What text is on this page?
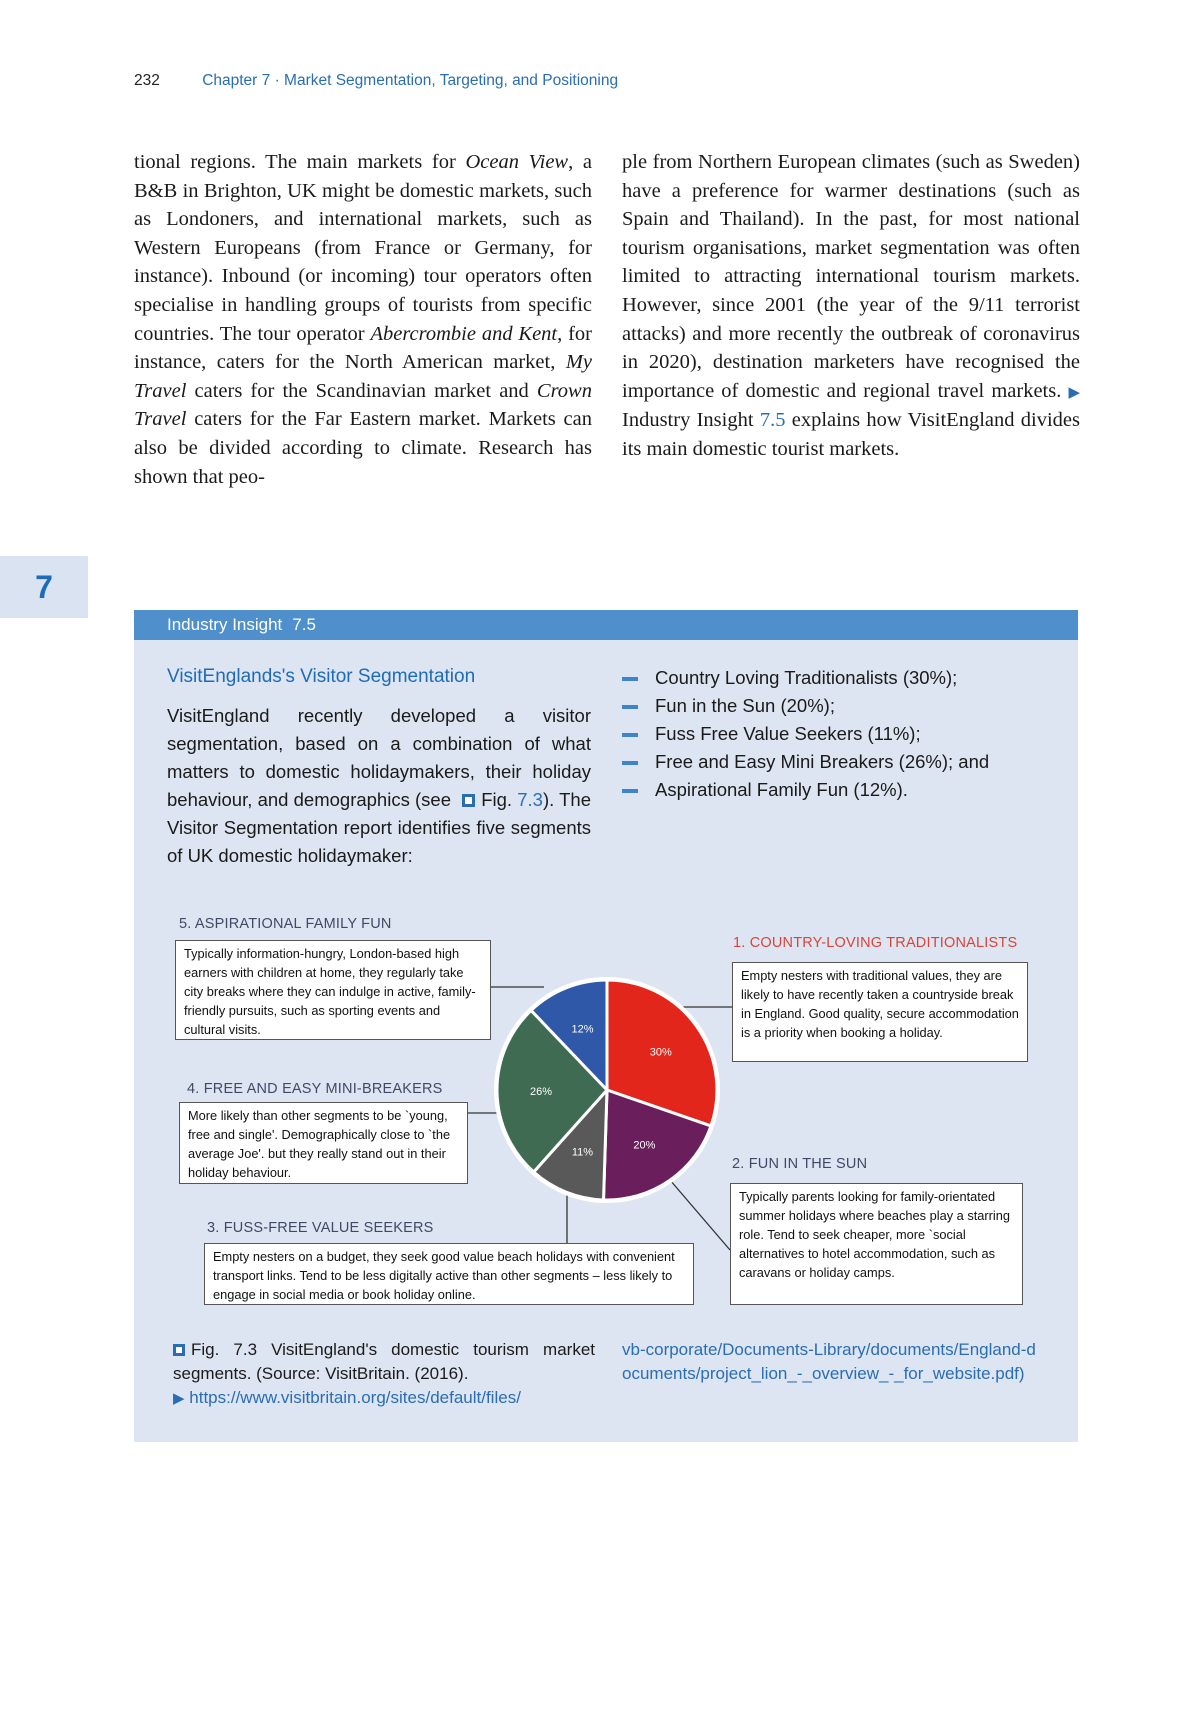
232	Chapter 7 · Market Segmentation, Targeting, and Positioning

tional regions. The main markets for Ocean View, a B&B in Brighton, UK might be domestic markets, such as Londoners, and international markets, such as Western Europeans (from France or Germany, for instance). Inbound (or incoming) tour operators often specialise in handling groups of tourists from specific countries. The tour operator Abercrombie and Kent, for instance, caters for the North American market, My Travel caters for the Scandinavian market and Crown Travel caters for the Far Eastern market. Markets can also be divided according to climate. Research has shown that peo-

ple from Northern European climates (such as Sweden) have a preference for warmer destinations (such as Spain and Thailand). In the past, for most national tourism organisations, market segmentation was often limited to attracting international tourism markets. However, since 2001 (the year of the 9/11 terrorist attacks) and more recently the outbreak of coronavirus in 2020), destination marketers have recognised the importance of domestic and regional travel markets. ▶ Industry Insight 7.5 explains how VisitEngland divides its main domestic tourist markets.

7
Industry Insight 7.5
VisitEnglands's Visitor Segmentation

VisitEngland recently developed a visitor segmentation, based on a combination of what matters to domestic holidaymakers, their holiday behaviour, and demographics (see Fig. 7.3). The Visitor Segmentation report identifies five segments of UK domestic holidaymaker:

Country Loving Traditionalists (30%);
Fun in the Sun (20%);
Fuss Free Value Seekers (11%);
Free and Easy Mini Breakers (26%); and
Aspirational Family Fun (12%).
30%
20%
11%
26%
12%
5. ASPIRATIONAL FAMILY FUN
Typically information-hungry, London-based high earners with children at home, they regularly take city breaks where they can indulge in active, family-friendly pursuits, such as sporting events and cultural visits.
4. FREE AND EASY MINI-BREAKERS
More likely than other segments to be `young, free and single'. Demographically close to `the average Joe'. but they really stand out in their holiday behaviour.
3. FUSS-FREE VALUE SEEKERS
Empty nesters on a budget, they seek good value beach holidays with convenient transport links. Tend to be less digitally active than other segments – less likely to engage in social media or book holiday online.
1. COUNTRY-LOVING TRADITIONALISTS
Empty nesters with traditional values, they are likely to have recently taken a countryside break in England. Good quality, secure accommodation is a priority when booking a holiday.
2. FUN IN THE SUN
Typically parents looking for family-orientated summer holidays where beaches play a starring role. Tend to seek cheaper, more `social alternatives to hotel accommodation, such as caravans or holiday camps.
Fig. 7.3 VisitEngland's domestic tourism market segments. (Source: VisitBritain. (2016).
▶ https://www.visitbritain.org/sites/default/files/
vb-corporate/Documents-Library/documents/England-documents/project_lion_-_overview_-_for_website.pdf)
